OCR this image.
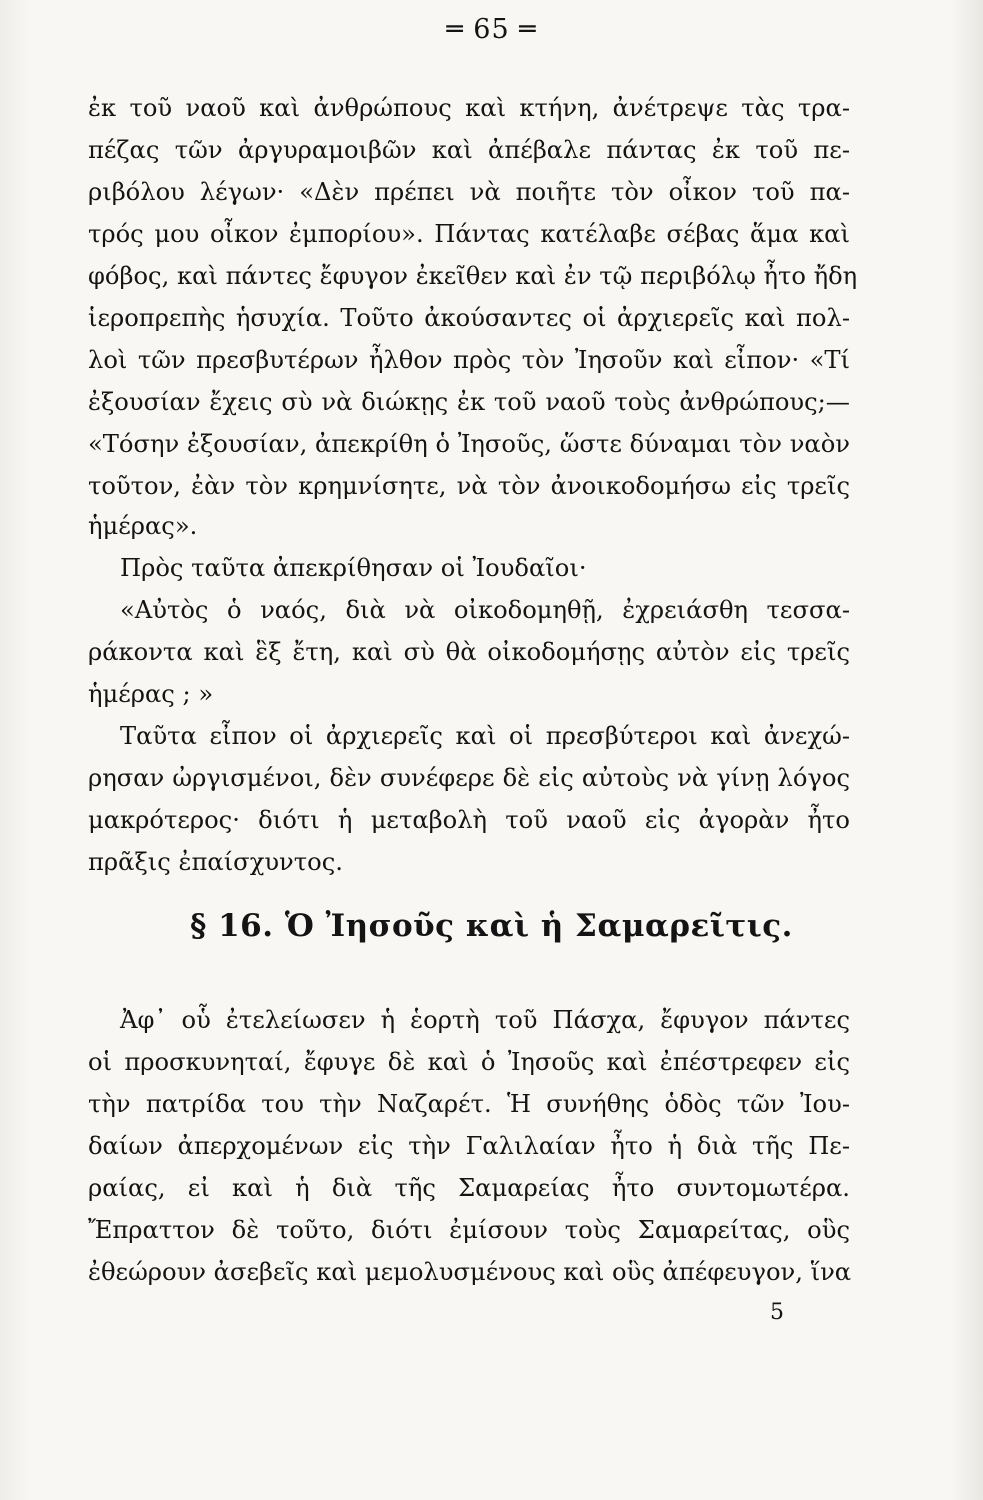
═ 65 ═
ἐκ τοῦ ναοῦ καὶ ἀνθρώπους καὶ κτήνη, ἀνέτρεψε τὰς τρα-
πέζας τῶν ἀργυραμοιβῶν καὶ ἀπέβαλε πάντας ἐκ τοῦ πε-
ριβόλου λέγων· «Δὲν πρέπει νὰ ποιῆτε τὸν οἶκον τοῦ πα-
τρός μου οἶκον ἐμπορίου». Πάντας κατέλαβε σέβας ἅμα καὶ
φόβος, καὶ πάντες ἔφυγον ἐκεῖθεν καὶ ἐν τῷ περιβόλῳ ἦτο ἤδη
ἱεροπρεπὴς ἡσυχία. Τοῦτο ἀκούσαντες οἱ ἀρχιερεῖς καὶ πολ-
λοὶ τῶν πρεσβυτέρων ἦλθον πρὸς τὸν Ἰησοῦν καὶ εἶπον· «Τί
ἐξουσίαν ἔχεις σὺ νὰ διώκῃς ἐκ τοῦ ναοῦ τοὺς ἀνθρώπους;—
«Τόσην ἐξουσίαν, ἀπεκρίθη ὁ Ἰησοῦς, ὥστε δύναμαι τὸν ναὸν
τοῦτον, ἐὰν τὸν κρημνίσητε, νὰ τὸν ἀνοικοδομήσω εἰς τρεῖς
ἡμέρας».
Πρὸς ταῦτα ἀπεκρίθησαν οἱ Ἰουδαῖοι·
«Αὐτὸς ὁ ναός, διὰ νὰ οἰκοδομηθῇ, ἐχρειάσθη τεσσα-
ράκοντα καὶ ἓξ ἔτη, καὶ σὺ θὰ οἰκοδομήσῃς αὐτὸν εἰς τρεῖς
ἡμέρας ; »
Ταῦτα εἶπον οἱ ἀρχιερεῖς καὶ οἱ πρεσβύτεροι καὶ ἀνεχώ-
ρησαν ὠργισμένοι, δὲν συνέφερε δὲ εἰς αὐτοὺς νὰ γίνῃ λόγος
μακρότερος· διότι ἡ μεταβολὴ τοῦ ναοῦ εἰς ἀγορὰν ἦτο
πρᾶξις ἐπαίσχυντος.
§ 16. Ὁ Ἰησοῦς καὶ ἡ Σαμαρεῖτις.
Ἀφ᾽ οὗ ἐτελείωσεν ἡ ἑορτὴ τοῦ Πάσχα, ἔφυγον πάντες
οἱ προσκυνηταί, ἔφυγε δὲ καὶ ὁ Ἰησοῦς καὶ ἐπέστρεφεν εἰς
τὴν πατρίδα του τὴν Ναζαρέτ. Ἡ συνήθης ὁδὸς τῶν Ἰου-
δαίων ἀπερχομένων εἰς τὴν Γαλιλαίαν ἦτο ἡ διὰ τῆς Πε-
ραίας, εἰ καὶ ἡ διὰ τῆς Σαμαρείας ἦτο συντομωτέρα.
Ἔπραττον δὲ τοῦτο, διότι ἐμίσουν τοὺς Σαμαρείτας, οὓς
ἐθεώρουν ἀσεβεῖς καὶ μεμολυσμένους καὶ οὓς ἀπέφευγον, ἵνα
5
